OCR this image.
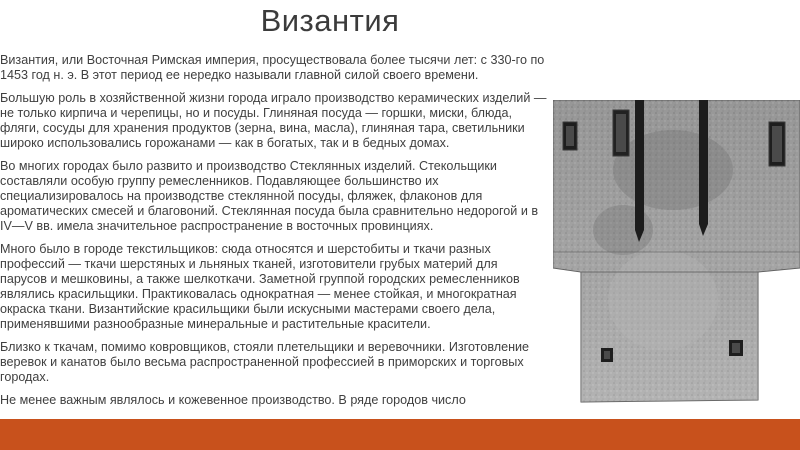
Византия

Византия, или Восточная Римская империя, просуществовала более тысячи лет: с 330-го по 1453 год н. э. В этот период ее нередко называли главной силой своего времени.

Большую роль в хозяйственной жизни города играло производство керамических изделий — не только кирпича и черепицы, но и посуды. Глиняная посуда — горшки, миски, блюда, фляги, сосуды для хранения продуктов (зерна, вина, масла), глиняная тара, светильники широко использовались горожанами — как в богатых, так и в бедных домах.

Во многих городах было развито и производство Стеклянных изделий. Стекольщики составляли особую группу ремесленников. Подавляющее большинство их специализировалось на производстве стеклянной посуды, фляжек, флаконов для ароматических смесей и благовоний. Стеклянная посуда была сравнительно недорогой и в IV—V вв. имела значительное распространение в восточных провинциях.

Много было в городе текстильщиков: сюда относятся и шерстобиты и ткачи разных профессий — ткачи шерстяных и льняных тканей, изготовители грубых материй для парусов и мешковины, а также шелкоткачи. Заметной группой городских ремесленников являлись красильщики. Практиковалась однократная — менее стойкая, и многократная окраска ткани. Византийские красильщики были искусными мастерами своего дела, применявшими разнообразные минеральные и растительные красители.

Близко к ткачам, помимо ковровщиков, стояли плетельщики и веревочники. Изготовление веревок и канатов было весьма распространенной профессией в приморских и торговых городах.

Не менее важным являлось и кожевенное производство. В ряде городов число
